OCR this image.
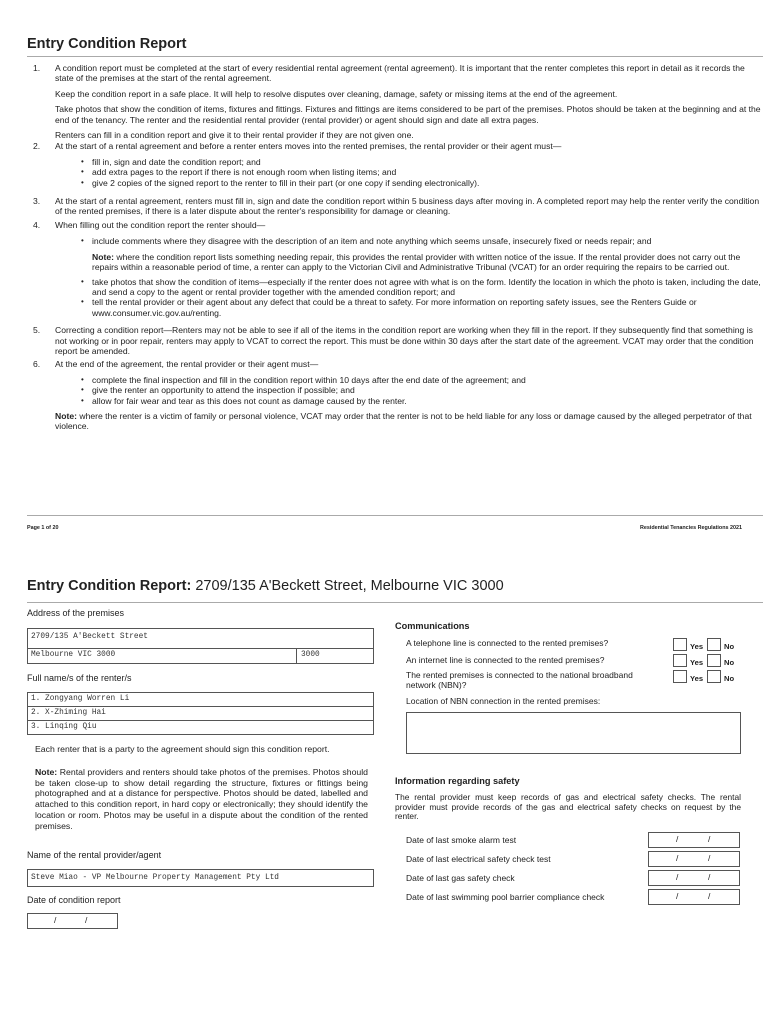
Entry Condition Report
1. A condition report must be completed at the start of every residential rental agreement (rental agreement). It is important that the renter completes this report in detail as it records the state of the premises at the start of the rental agreement.
Keep the condition report in a safe place. It will help to resolve disputes over cleaning, damage, safety or missing items at the end of the agreement.
Take photos that show the condition of items, fixtures and fittings. Fixtures and fittings are items considered to be part of the premises. Photos should be taken at the beginning and at the end of the tenancy. The renter and the residential rental provider (rental provider) or agent should sign and date all extra pages.
Renters can fill in a condition report and give it to their rental provider if they are not given one.
2. At the start of a rental agreement and before a renter enters moves into the rented premises, the rental provider or their agent must—
• fill in, sign and date the condition report; and
• add extra pages to the report if there is not enough room when listing items; and
• give 2 copies of the signed report to the renter to fill in their part (or one copy if sending electronically).
3. At the start of a rental agreement, renters must fill in, sign and date the condition report within 5 business days after moving in. A completed report may help the renter verify the condition of the rented premises, if there is a later dispute about the renter's responsibility for damage or cleaning.
4. When filling out the condition report the renter should—
• include comments where they disagree with the description of an item and note anything which seems unsafe, insecurely fixed or needs repair; and
Note: where the condition report lists something needing repair, this provides the rental provider with written notice of the issue. If the rental provider does not carry out the repairs within a reasonable period of time, a renter can apply to the Victorian Civil and Administrative Tribunal (VCAT) for an order requiring the repairs to be carried out.
• take photos that show the condition of items—especially if the renter does not agree with what is on the form. Identify the location in which the photo is taken, including the date, and send a copy to the agent or rental provider together with the amended condition report; and
• tell the rental provider or their agent about any defect that could be a threat to safety. For more information on reporting safety issues, see the Renters Guide or www.consumer.vic.gov.au/renting.
5. Correcting a condition report—Renters may not be able to see if all of the items in the condition report are working when they fill in the report. If they subsequently find that something is not working or in poor repair, renters may apply to VCAT to correct the report. This must be done within 30 days after the start date of the agreement. VCAT may order that the condition report be amended.
6. At the end of the agreement, the rental provider or their agent must—
• complete the final inspection and fill in the condition report within 10 days after the end date of the agreement; and
• give the renter an opportunity to attend the inspection if possible; and
• allow for fair wear and tear as this does not count as damage caused by the renter.
Note: where the renter is a victim of family or personal violence, VCAT may order that the renter is not to be held liable for any loss or damage caused by the alleged perpetrator of that violence.
Page 1 of 20	Residential Tenancies Regulations 2021
Entry Condition Report: 2709/135 A'Beckett Street, Melbourne VIC 3000
Address of the premises
2709/135 A'Beckett Street
Melbourne VIC 3000	3000
Full name/s of the renter/s
1. Zongyang Worren Li
2. X-Zhiming Hai
3. Linqing Qiu
Each renter that is a party to the agreement should sign this condition report.
Note: Rental providers and renters should take photos of the premises. Photos should be taken close-up to show detail regarding the structure, fixtures or fittings being photographed and at a distance for perspective. Photos should be dated, labelled and attached to this condition report, in hard copy or electronically; they should identify the location or room. Photos may be useful in a dispute about the condition of the rented premises.
Name of the rental provider/agent
Steve Miao - VP Melbourne Property Management Pty Ltd
Date of condition report
/	/
Communications
A telephone line is connected to the rented premises?	Yes	No
An internet line is connected to the rented premises?	Yes	No
The rented premises is connected to the national broadband network (NBN)?
Yes	No
Location of NBN connection in the rented premises:
Information regarding safety
The rental provider must keep records of gas and electrical safety checks. The rental provider must provide records of the gas and electrical safety checks on request by the renter.
Date of last smoke alarm test	/	/
Date of last electrical safety check test	/	/
Date of last gas safety check	/	/
Date of last swimming pool barrier compliance check	/	/
